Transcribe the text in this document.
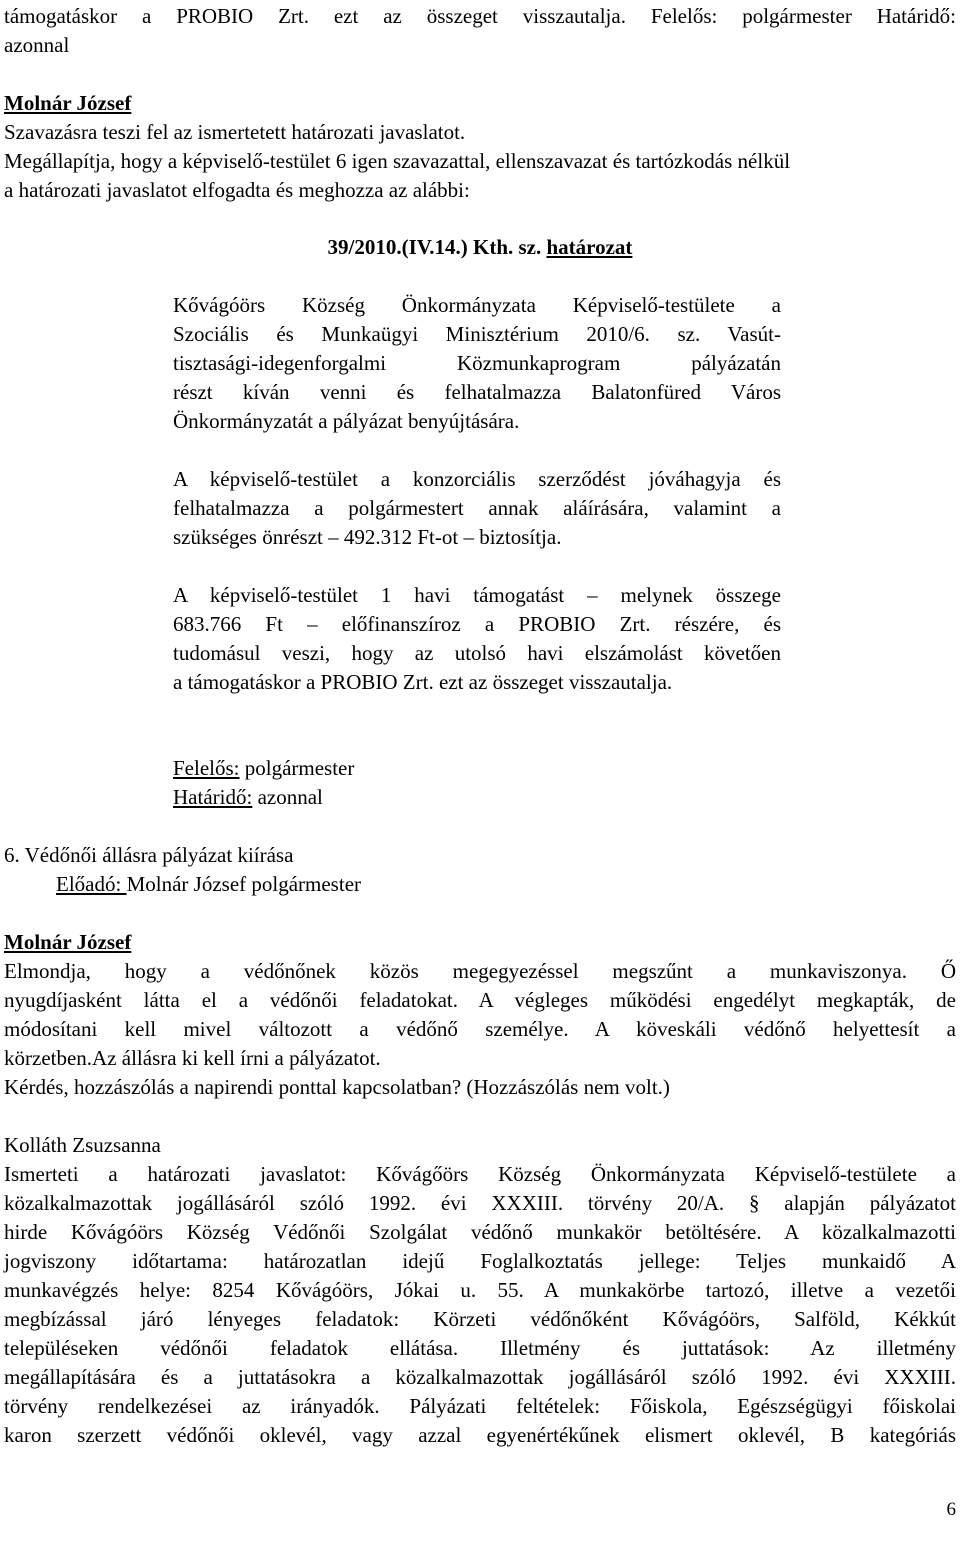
támogatáskor a PROBIO Zrt. ezt az összeget visszautalja. Felelős: polgármester Határidő:
azonnal
Molnár József
Szavazásra teszi fel az ismertetett határozati javaslatot.
Megállapítja, hogy a képviselő-testület 6 igen szavazattal, ellenszavazat és tartózkodás nélkül
a határozati javaslatot elfogadta és meghozza az alábbi:
39/2010.(IV.14.) Kth. sz. határozat
Kővágóörs Község Önkormányzata Képviselő-testülete a
Szociális és Munkaügyi Minisztérium 2010/6. sz. Vasút-
tisztasági-idegenforgalmi Közmunkaprogram pályázatán
részt kíván venni és felhatalmazza Balatonfüred Város
Önkormányzatát a pályázat benyújtására.
A képviselő-testület a konzorciális szerződést jóváhagyja és
felhatalmazza a polgármestert annak aláírására, valamint a
szükséges önrészt – 492.312 Ft-ot – biztosítja.
A képviselő-testület 1 havi támogatást – melynek összege
683.766 Ft – előfinanszíroz a PROBIO Zrt. részére, és
tudomásul veszi, hogy az utolsó havi elszámolást követően
a támogatáskor a PROBIO Zrt. ezt az összeget visszautalja.
Felelős: polgármester
Határidő: azonnal
6. Védőnői állásra pályázat kiírása
Előadó: Molnár József polgármester
Molnár József
Elmondja, hogy a védőnőnek közös megegyezéssel megszűnt a munkaviszonya. Ő
nyugdíjasként látta el a védőnői feladatokat. A végleges működési engedélyt megkapták, de
módosítani kell mivel változott a védőnő személye. A köveskáli védőnő helyettesít a
körzetben.Az állásra ki kell írni a pályázatot.
Kérdés, hozzászólás a napirendi ponttal kapcsolatban? (Hozzászólás nem volt.)
Kolláth Zsuzsanna
Ismerteti a határozati javaslatot: Kővágőörs Község Önkormányzata Képviselő-testülete a
közalkalmazottak jogállásáról szóló 1992. évi XXXIII. törvény 20/A. § alapján pályázatot
hirde Kővágóörs Község Védőnői Szolgálat védőnő munkakör betöltésére. A közalkalmazotti
jogviszony időtartama: határozatlan idejű Foglalkoztatás jellege: Teljes munkaidő A
munkavégzés helye: 8254 Kővágóörs, Jókai u. 55. A munkakörbe tartozó, illetve a vezetői
megbízással járó lényeges feladatok: Körzeti védőnőként Kővágóörs, Salföld, Kékkút
településeken védőnői feladatok ellátása. Illetmény és juttatások: Az illetmény
megállapítására és a juttatásokra a közalkalmazottak jogállásáról szóló 1992. évi XXXIII.
törvény rendelkezései az irányadók. Pályázati feltételek: Főiskola, Egészségügyi főiskolai
karon szerzett védőnői oklevél, vagy azzal egyenértékűnek elismert oklevél, B kategóriás
6
